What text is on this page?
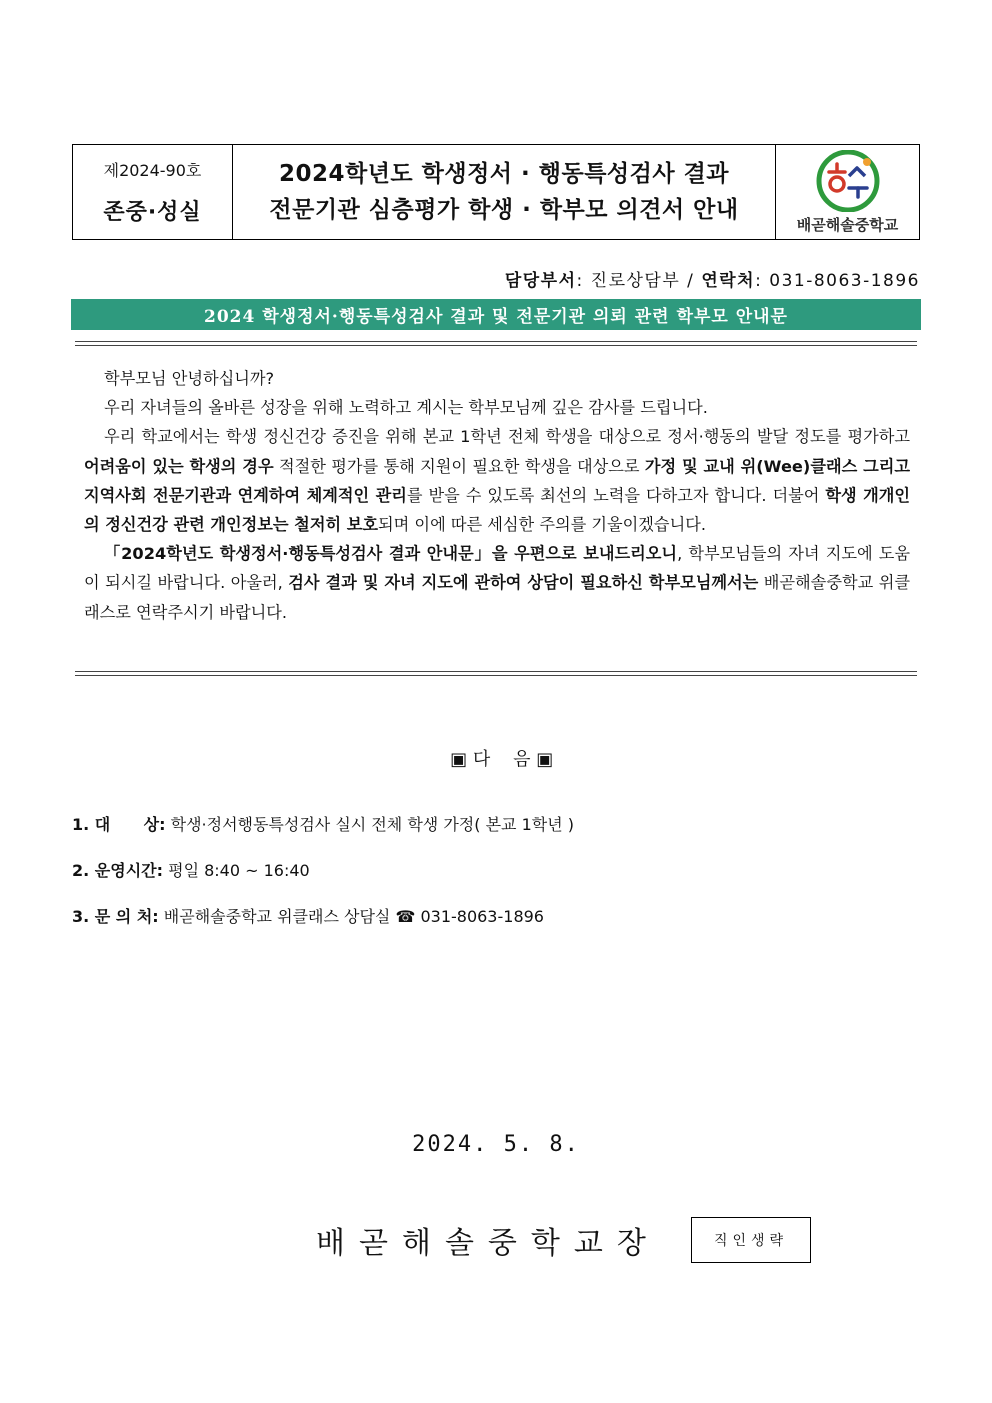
제2024-90호
존중·성실
2024학년도 학생정서 · 행동특성검사 결과
전문기관 심층평가 학생 · 학부모 의견서 안내
배곧해솔중학교
담당부서: 진로상담부 / 연락처: 031-8063-1896
2024 학생정서·행동특성검사 결과 및 전문기관 의뢰 관련 학부모 안내문

학부모님 안녕하십니까?

우리 자녀들의 올바른 성장을 위해 노력하고 계시는 학부모님께 깊은 감사를 드립니다.

우리 학교에서는 학생 정신건강 증진을 위해 본교 1학년 전체 학생을 대상으로 정서·행동의 발달 정도를 평가하고 어려움이 있는 학생의 경우 적절한 평가를 통해 지원이 필요한 학생을 대상으로 가정 및 교내 위(Wee)클래스 그리고 지역사회 전문기관과 연계하여 체계적인 관리를 받을 수 있도록 최선의 노력을 다하고자 합니다. 더불어 학생 개개인의 정신건강 관련 개인정보는 철저히 보호되며 이에 따른 세심한 주의를 기울이겠습니다.

「2024학년도 학생정서·행동특성검사 결과 안내문」을 우편으로 보내드리오니, 학부모님들의 자녀 지도에 도움이 되시길 바랍니다. 아울러, 검사 결과 및 자녀 지도에 관하여 상담이 필요하신 학부모님께서는 배곧해솔중학교 위클래스로 연락주시기 바랍니다.

▣ 다    음 ▣

1. 대      상: 학생·정서행동특성검사 실시 전체 학생 가정( 본교 1학년 )
2. 운영시간: 평일 8:40 ~ 16:40
3. 문 의 처: 배곧해솔중학교 위클래스 상담실 ☎ 031-8063-1896
2024. 5. 8.
배곧해솔중학교장	직인생략
